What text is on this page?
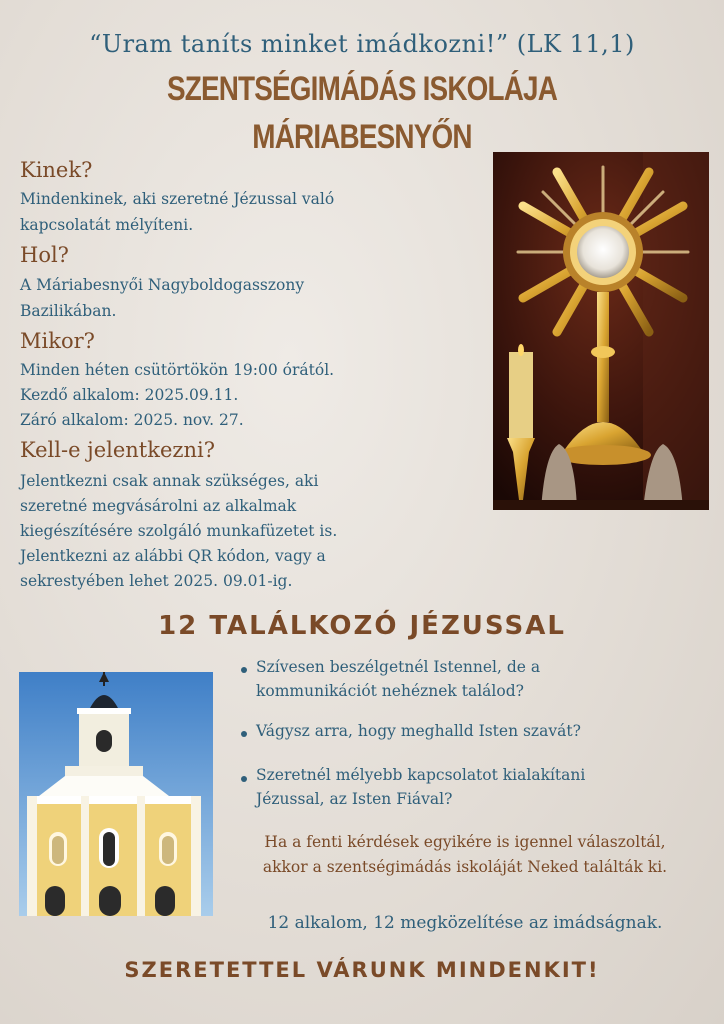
“Uram taníts minket imádkozni!” (LK 11,1)
SZENTSÉGIMÁDÁS ISKOLÁJA
MÁRIABESNYŐN
Kinek?
Mindenkinek, aki szeretné Jézussal való
kapcsolatát mélyíteni.
Hol?
A Máriabesnyői Nagyboldogasszony
Bazilikában.
Mikor?
Minden héten csütörtökön 19:00 órától.
Kezdő alkalom: 2025.09.11.
Záró alkalom: 2025. nov. 27.
Kell-e jelentkezni?
Jelentkezni csak annak szükséges, aki
szeretné megvásárolni az alkalmak
kiegészítésére szolgáló munkafüzetet is.
Jelentkezni az alábbi QR kódon, vagy a
sekrestyében lehet 2025. 09.01-ig.
12 TALÁLKOZÓ JÉZUSSAL
Szívesen beszélgetnél Istennel, de a
kommunikációt nehéznek találod?
Vágysz arra, hogy meghalld Isten szavát?
Szeretnél mélyebb kapcsolatot kialakítani
Jézussal, az Isten Fiával?
Ha a fenti kérdések egyikére is igennel válaszoltál,
akkor a szentségimádás iskoláját Neked találták ki.
12 alkalom, 12 megközelítése az imádságnak.
SZERETETTEL VÁRUNK MINDENKIT!
